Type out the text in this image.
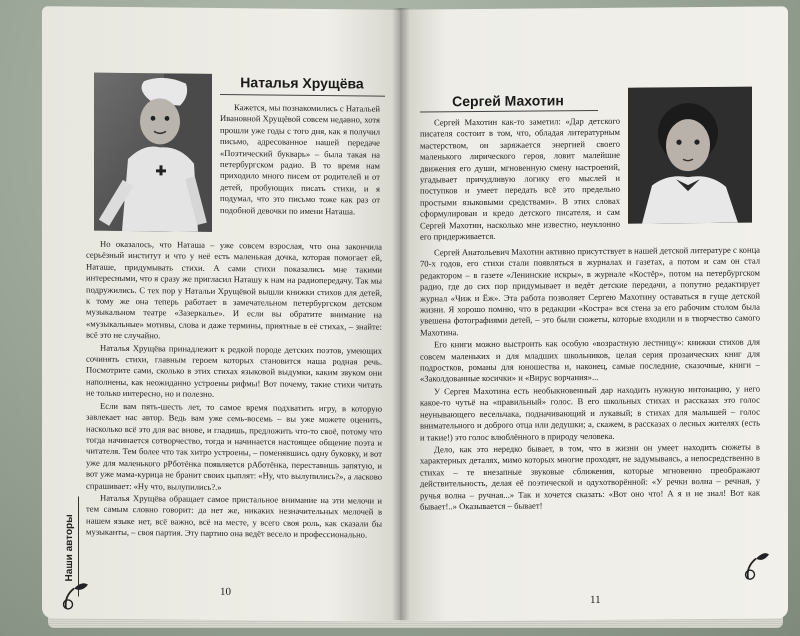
Наталья Хрущёва

Кажется, мы познакомились с Натальей Ивановной Хрущёвой совсем недавно, хотя прошли уже годы с того дня, как я получил письмо, адресованное нашей передаче «Поэтический букварь» – была такая на петербургском радио. В то время нам приходило много писем от родителей и от детей, пробующих писать стихи, и я подумал, что это письмо тоже как раз от подобной девочки по имени Наташа.

Но оказалось, что Наташа – уже совсем взрослая, что она закончила серьёзный институт и что у неё есть маленькая дочка, которая помогает ей, Наташе, придумывать стихи. А сами стихи показались мне такими интересными, что я сразу же пригласил Наташу к нам на радиопередачу. Так мы подружились. С тех пор у Натальи Хрущёвой вышли книжки стихов для детей, к тому же она теперь работает в замечательном петербургском детском музыкальном театре «Зазеркалье». И если вы обратите внимание на «музыкальные» мотивы, слова и даже термины, приятные в её стихах, – знайте: всё это не случайно.

Наталья Хрущёва принадлежит к редкой породе детских поэтов, умеющих сочинять стихи, главным героем которых становится наша родная речь. Посмотрите сами, сколько в этих стихах языковой выдумки, каким звуком они наполнены, как неожиданно устроены рифмы! Вот почему, такие стихи читать не только интересно, но и полезно.

Если вам пять-шесть лет, то самое время подхватить игру, в которую завлекает нас автор. Ведь вам уже семь-восемь – вы уже можете оценить, насколько всё это для вас внове, и гладишь, предложить что-то своё, потому что тогда начинается сотворчество, тогда и начинается настоящее общение поэта и читателя. Тем более что так хитро устроены, – поменявшись одну буковку, и вот уже для маленького рРботёнка появляется рАботёнка, переставишь запятую, и вот уже мама-курица не бранит своих цыплят: «Ну, что вылупились?», а ласково спрашивает: «Ну что, вылупились?.»

Наталья Хрущёва обращает самое пристальное внимание на эти мелочи и тем самым словно говорит: да нет же, никаких незначительных мелочей в нашем языке нет, всё важно, всё на месте, у всего своя роль, как сказали бы музыканты, – своя партия. Эту партию она ведёт весело и профессионально.

Наши авторы
10
Сергей Махотин

Сергей Махотин как-то заметил: «Дар детского писателя состоит в том, что, обладая литературным мастерством, он заряжается энергией своего маленького лирического героя, ловит малейшие движения его души, мгновенную смену настроений, угадывает причудливую логику его мыслей и поступков и умеет передать всё это предельно простыми языковыми средствами». В этих словах сформулирован и кредо детского писателя, и сам Сергей Махотин, насколько мне известно, неуклонно его придерживается.

Сергей Анатольевич Махотин активно присутствует в нашей детской литературе с конца 70-х годов, его стихи стали появляться в журналах и газетах, а потом и сам он стал редактором – в газете «Ленинские искры», в журнале «Костёр», потом на петербургском радио, где до сих пор придумывает и ведёт детские передачи, а попутно редактирует журнал «Чиж и Ёж». Эта работа позволяет Сергею Махотину оставаться в гуще детской жизни. Я хорошо помню, что в редакции «Костра» вся стена за его рабочим столом была увешена фотографиями детей, – это были сюжеты, которые входили и в творчество самого Махотина.

Его книги можно выстроить как особую «возрастную лестницу»: книжки стихов для совсем маленьких и для младших школьников, целая серия прозаических книг для подростков, романы для юношества и, наконец, самые последние, сказочные, книги – «Заколдованные косички» и «Вирус ворчания»...

У Сергея Махотина есть необыкновенный дар находить нужную интонацию, у него какое-то чутьё на «правильный» голос. В его школьных стихах и рассказах это голос неунывающего весельчака, подначивающий и лукавый; в стихах для малышей – голос внимательного и доброго отца или дедушки; а, скажем, в рассказах о лесных жителях (есть и такие!) это голос влюблённого в природу человека.

Дело, как это нередко бывает, в том, что в жизни он умеет находить сюжеты в характерных деталях, мимо которых многие проходят, не задумываясь, а непосредственно в стихах – те внезапные звуковые сближения, которые мгновенно преображают действительность, делая её поэтической и одухотворённой: «У речки волна – речная, у ручья волна – ручная...» Так и хочется сказать: «Вот оно что! А я и не знал! Вот как бывает!..» Оказывается – бывает!

11
